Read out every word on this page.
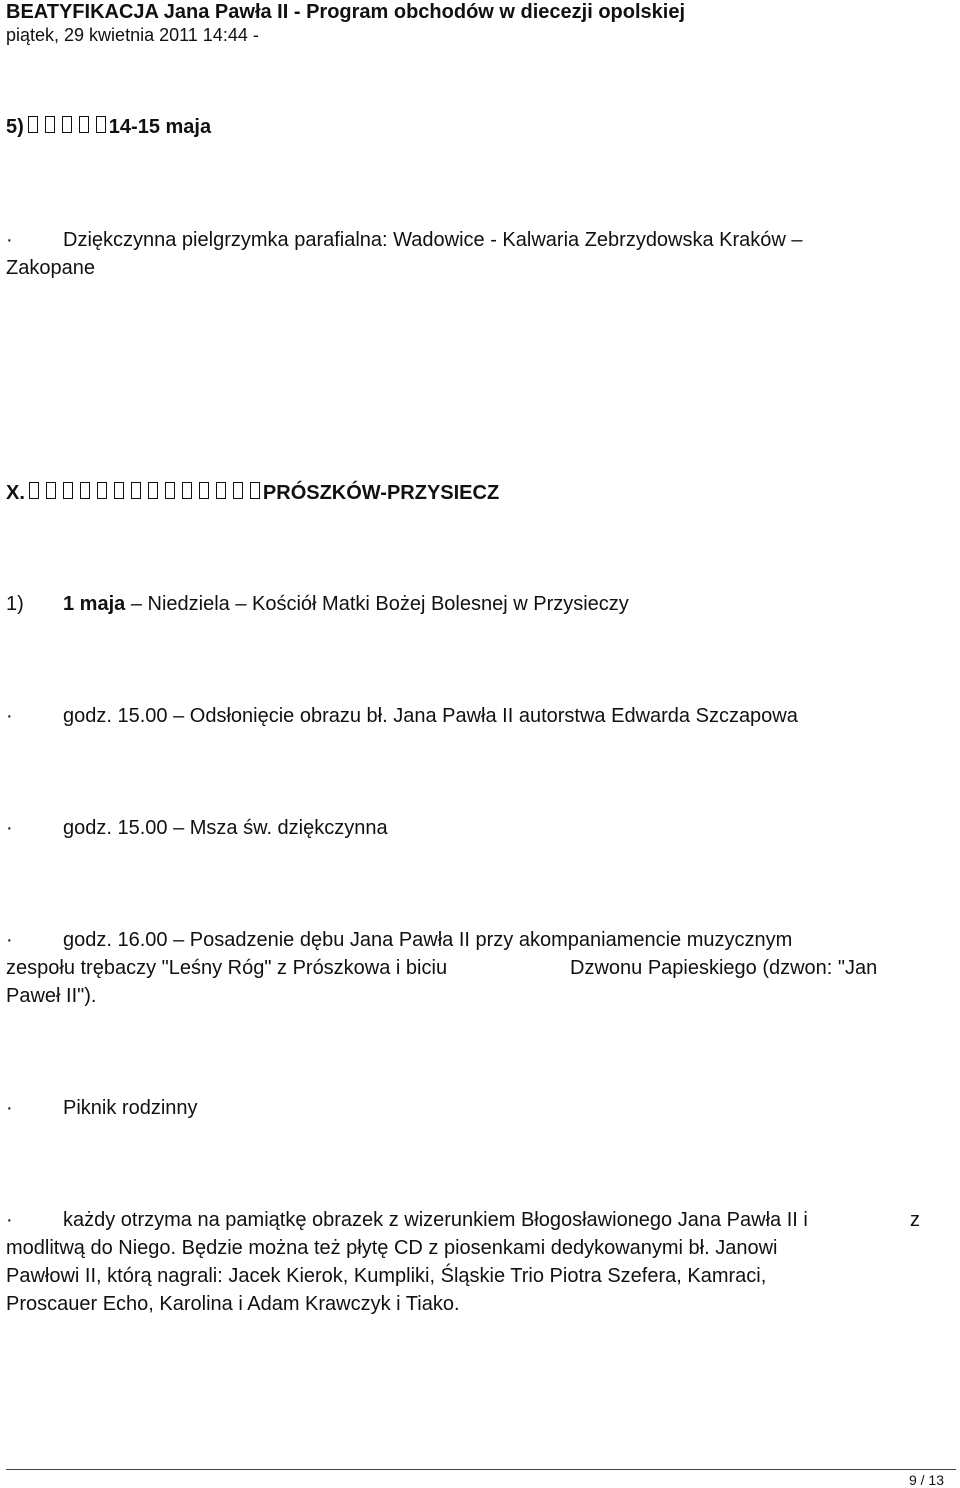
BEATYFIKACJA Jana Pawła II - Program obchodów w diecezji opolskiej
piątek, 29 kwietnia 2011 14:44 -
5)	14-15 maja
·	Dziękczynna pielgrzymka parafialna: Wadowice - Kalwaria Zebrzydowska Kraków –
Zakopane
X.	PRÓSZKÓW-PRZYSIECZ
1) 1 maja – Niedziela – Kościół Matki Bożej Bolesnej w Przysieczy
·	godz. 15.00 – Odsłonięcie obrazu bł. Jana Pawła II autorstwa Edwarda Szczapowa
·	godz. 15.00 – Msza św. dziękczynna
·	godz. 16.00 – Posadzenie dębu Jana Pawła II przy akompaniamencie muzycznym
zespołu trębaczy "Leśny Róg" z Prószkowa i biciu	Dzwonu Papieskiego (dzwon: "Jan
Paweł II").
·	Piknik rodzinny
·	każdy otrzyma na pamiątkę obrazek z wizerunkiem Błogosławionego Jana Pawła II i	z
modlitwą do Niego. Będzie można też płytę CD z piosenkami dedykowanymi bł. Janowi
Pawłowi II, którą nagrali: Jacek Kierok, Kumpliki, Śląskie Trio Piotra Szefera, Kamraci,
Proscauer Echo, Karolina i Adam Krawczyk i Tiako.
9 / 13
